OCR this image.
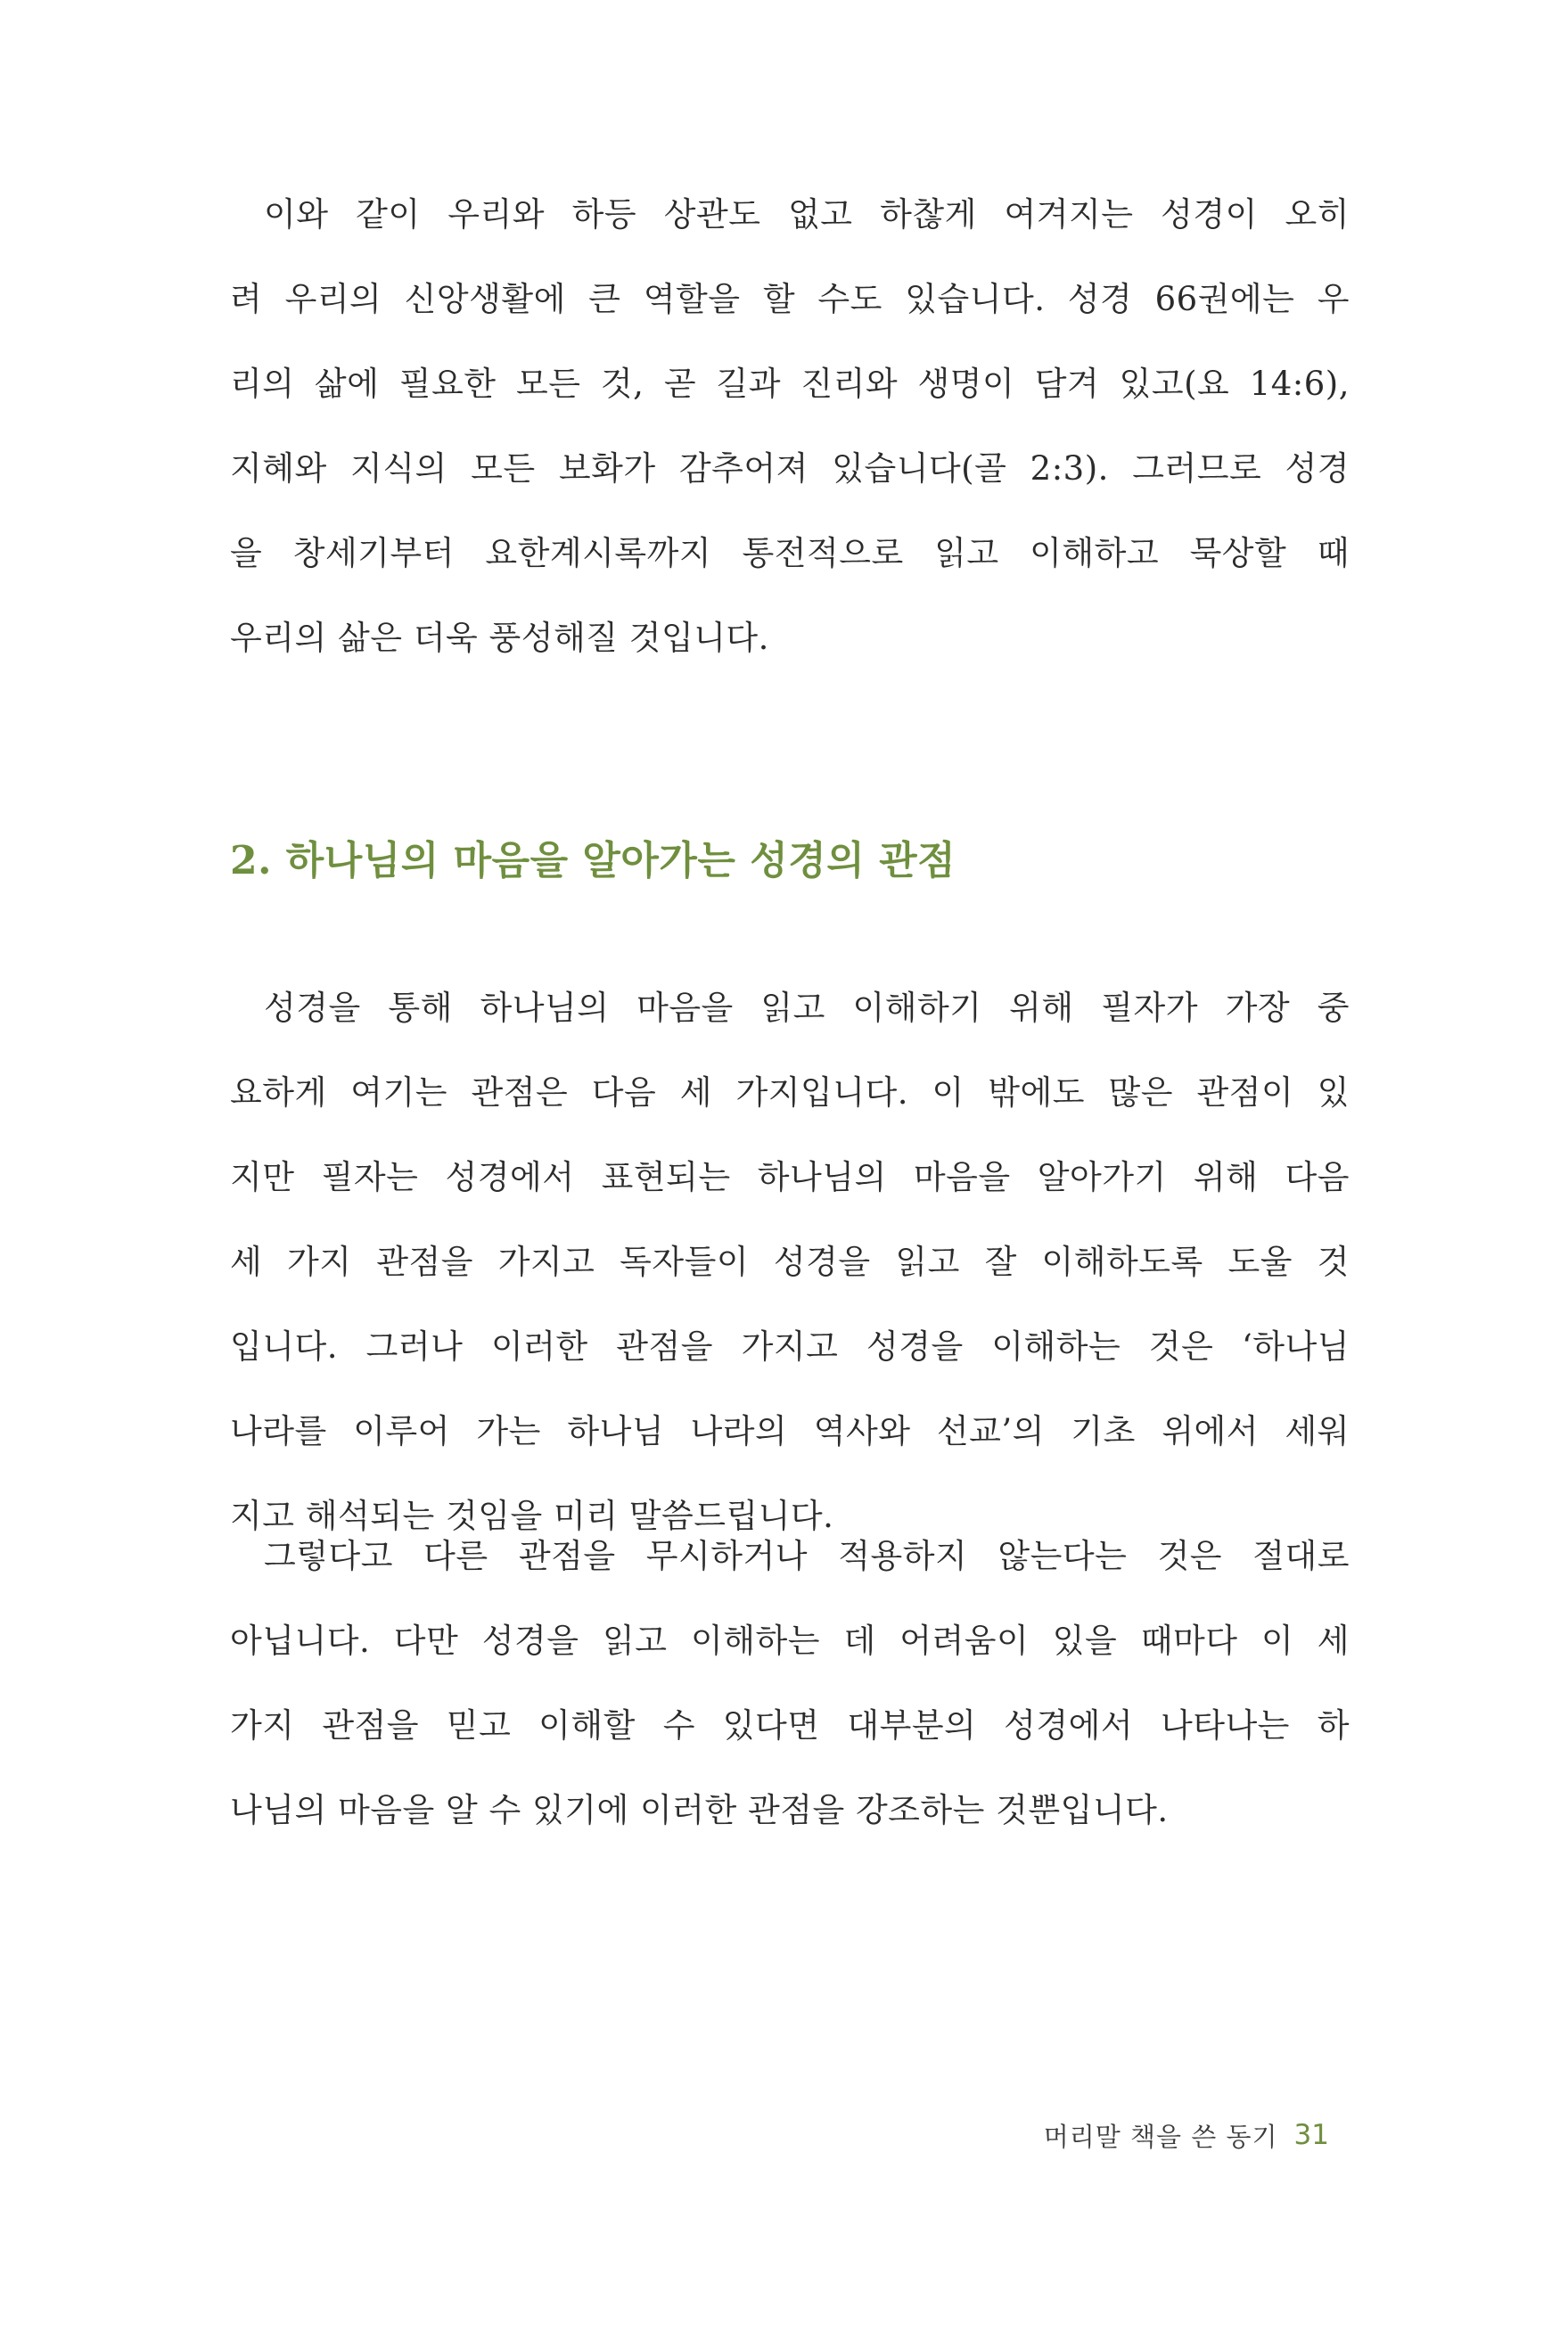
이와 같이 우리와 하등 상관도 없고 하찮게 여겨지는 성경이 오히
려 우리의 신앙생활에 큰 역할을 할 수도 있습니다. 성경 66권에는 우
리의 삶에 필요한 모든 것, 곧 길과 진리와 생명이 담겨 있고(요 14:6),
지혜와 지식의 모든 보화가 감추어져 있습니다(골 2:3). 그러므로 성경
을 창세기부터 요한계시록까지 통전적으로 읽고 이해하고 묵상할 때
우리의 삶은 더욱 풍성해질 것입니다.
2. 하나님의 마음을 알아가는 성경의 관점
성경을 통해 하나님의 마음을 읽고 이해하기 위해 필자가 가장 중
요하게 여기는 관점은 다음 세 가지입니다. 이 밖에도 많은 관점이 있
지만 필자는 성경에서 표현되는 하나님의 마음을 알아가기 위해 다음
세 가지 관점을 가지고 독자들이 성경을 읽고 잘 이해하도록 도울 것
입니다. 그러나 이러한 관점을 가지고 성경을 이해하는 것은 ‘하나님
나라를 이루어 가는 하나님 나라의 역사와 선교’의 기초 위에서 세워
지고 해석되는 것임을 미리 말씀드립니다.
그렇다고 다른 관점을 무시하거나 적용하지 않는다는 것은 절대로
아닙니다. 다만 성경을 읽고 이해하는 데 어려움이 있을 때마다 이 세
가지 관점을 믿고 이해할 수 있다면 대부분의 성경에서 나타나는 하
나님의 마음을 알 수 있기에 이러한 관점을 강조하는 것뿐입니다.
머리말 책을 쓴 동기 31
